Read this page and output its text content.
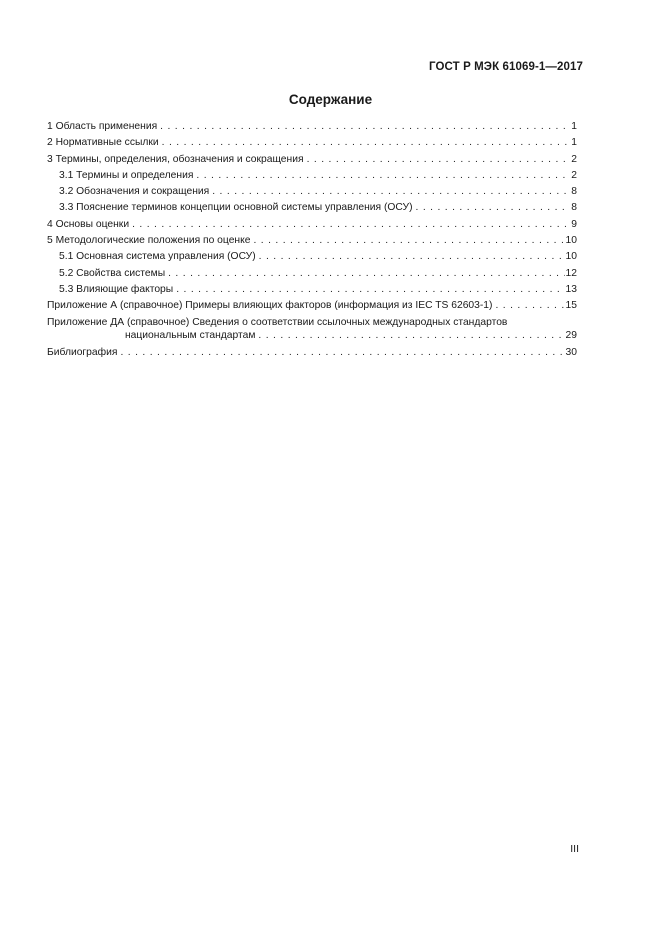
ГОСТ Р МЭК 61069-1—2017
Содержание
1 Область применения . . .	1
2 Нормативные ссылки . . .	1
3 Термины, определения, обозначения и сокращения . . .	2
3.1 Термины и определения . . .	2
3.2 Обозначения и сокращения . . .	8
3.3 Пояснение терминов концепции основной системы управления (ОСУ) . . .	8
4 Основы оценки . . .	9
5 Методологические положения по оценке . . .	10
5.1 Основная система управления (ОСУ) . . .	10
5.2 Свойства системы . . .	12
5.3 Влияющие факторы . . .	13
Приложение А (справочное) Примеры влияющих факторов (информация из IEC TS 62603-1) . . .	15
Приложение ДА (справочное) Сведения о соответствии ссылочных международных стандартов
национальным стандартам . . .	29
Библиография . . .	30
III
